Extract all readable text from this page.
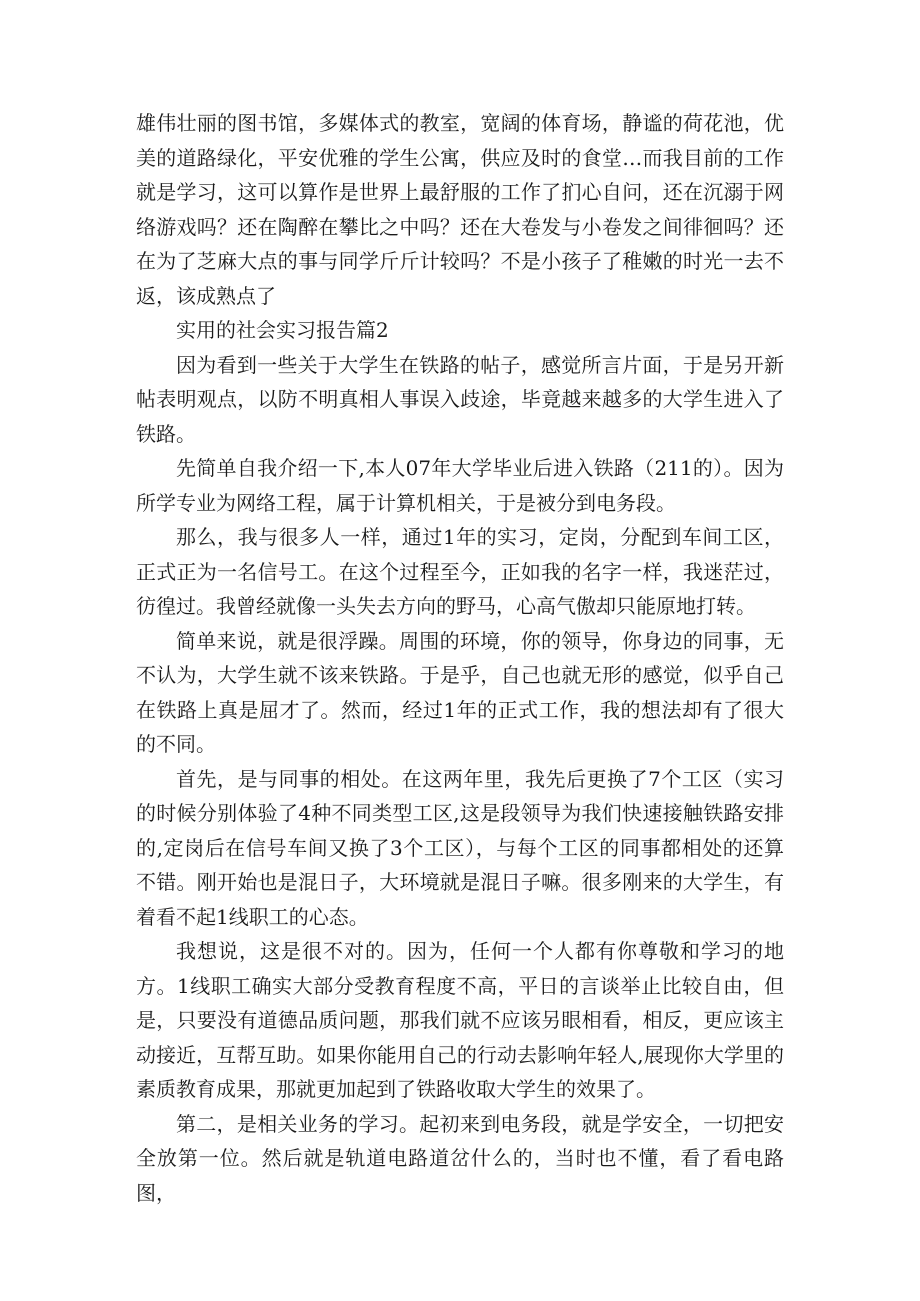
雄伟壮丽的图书馆，多媒体式的教室，宽阔的体育场，静谧的荷花池，优美的道路绿化，平安优雅的学生公寓，供应及时的食堂…而我目前的工作就是学习，这可以算作是世界上最舒服的工作了扪心自问，还在沉溺于网络游戏吗？还在陶醉在攀比之中吗？还在大卷发与小卷发之间徘徊吗？还在为了芝麻大点的事与同学斤斤计较吗？不是小孩子了稚嫩的时光一去不返，该成熟点了

实用的社会实习报告篇2

因为看到一些关于大学生在铁路的帖子，感觉所言片面，于是另开新帖表明观点，以防不明真相人事误入歧途，毕竟越来越多的大学生进入了铁路。

先简单自我介绍一下,本人07年大学毕业后进入铁路（211的）。因为所学专业为网络工程，属于计算机相关，于是被分到电务段。

那么，我与很多人一样，通过1年的实习，定岗，分配到车间工区，正式正为一名信号工。在这个过程至今，正如我的名字一样，我迷茫过，彷徨过。我曾经就像一头失去方向的野马，心高气傲却只能原地打转。

简单来说，就是很浮躁。周围的环境，你的领导，你身边的同事，无不认为，大学生就不该来铁路。于是乎，自己也就无形的感觉，似乎自己在铁路上真是屈才了。然而，经过1年的正式工作，我的想法却有了很大的不同。

首先，是与同事的相处。在这两年里，我先后更换了7个工区（实习的时候分别体验了4种不同类型工区,这是段领导为我们快速接触铁路安排的,定岗后在信号车间又换了3个工区），与每个工区的同事都相处的还算不错。刚开始也是混日子，大环境就是混日子嘛。很多刚来的大学生，有着看不起1线职工的心态。

我想说，这是很不对的。因为，任何一个人都有你尊敬和学习的地方。1线职工确实大部分受教育程度不高，平日的言谈举止比较自由，但是，只要没有道德品质问题，那我们就不应该另眼相看，相反，更应该主动接近，互帮互助。如果你能用自己的行动去影响年轻人,展现你大学里的素质教育成果，那就更加起到了铁路收取大学生的效果了。

第二，是相关业务的学习。起初来到电务段，就是学安全，一切把安全放第一位。然后就是轨道电路道岔什么的，当时也不懂，看了看电路图，
